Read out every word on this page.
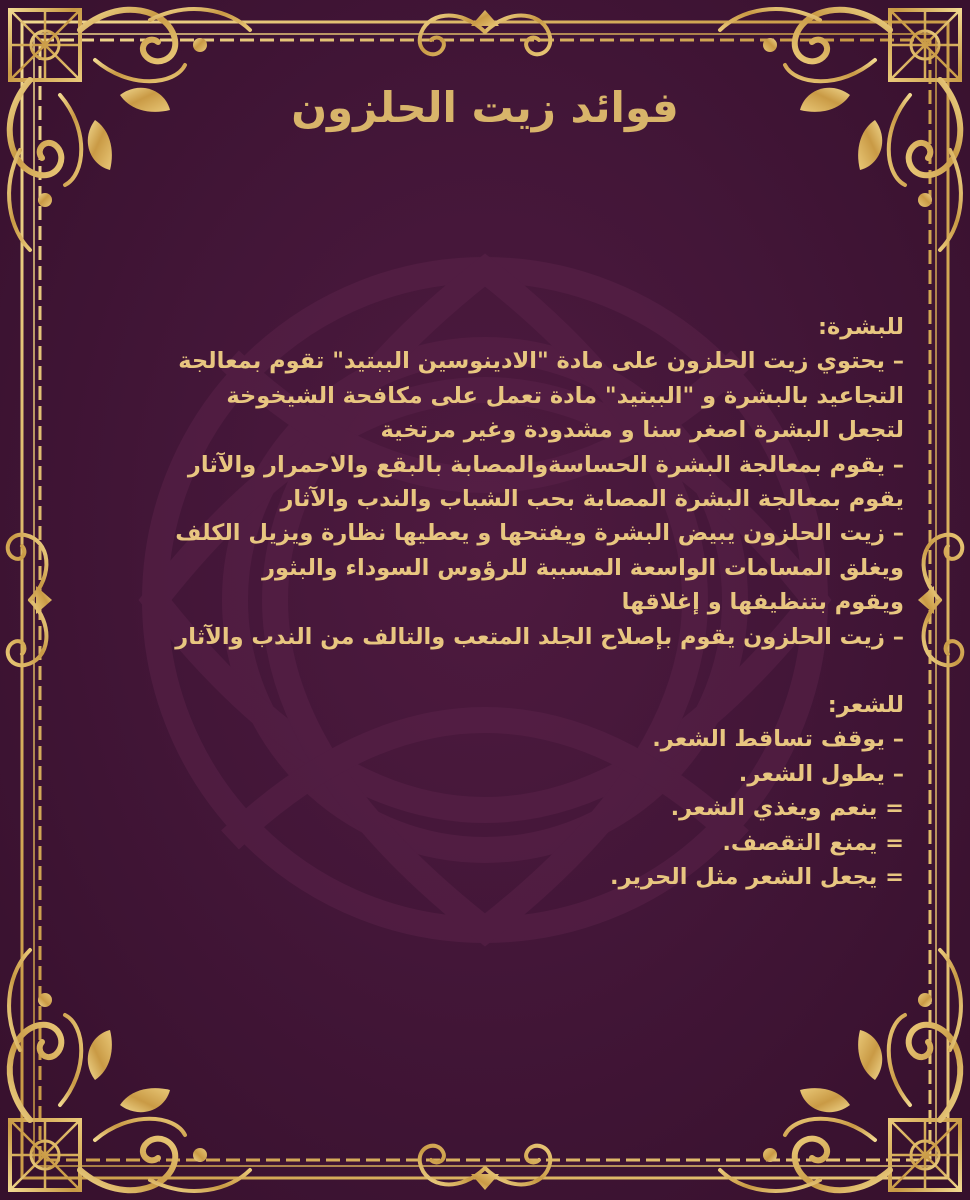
فوائد زيت الحلزون
للبشرة:
– يحتوي زيت الحلزون على مادة "الادينوسين الببتيد" تقوم بمعالجة
التجاعيد بالبشرة و "الببتيد" مادة تعمل على مكافحة الشيخوخة
لتجعل البشرة اصغر سنا و مشدودة وغير مرتخية
– يقوم بمعالجة البشرة الحساسةوالمصابة بالبقع والاحمرار والآثار
يقوم بمعالجة البشرة المصابة بحب الشباب والندب والآثار
– زيت الحلزون يبيض البشرة ويفتحها و يعطيها نظارة ويزيل الكلف
ويغلق المسامات الواسعة المسببة للرؤوس السوداء والبثور
ويقوم بتنظيفها و إغلاقها
– زيت الحلزون يقوم بإصلاح الجلد المتعب والتالف من الندب والآثار
للشعر:
– يوقف تساقط الشعر.
– يطول الشعر.
= ينعم ويغذي الشعر.
= يمنع التقصف.
= يجعل الشعر مثل الحرير.
